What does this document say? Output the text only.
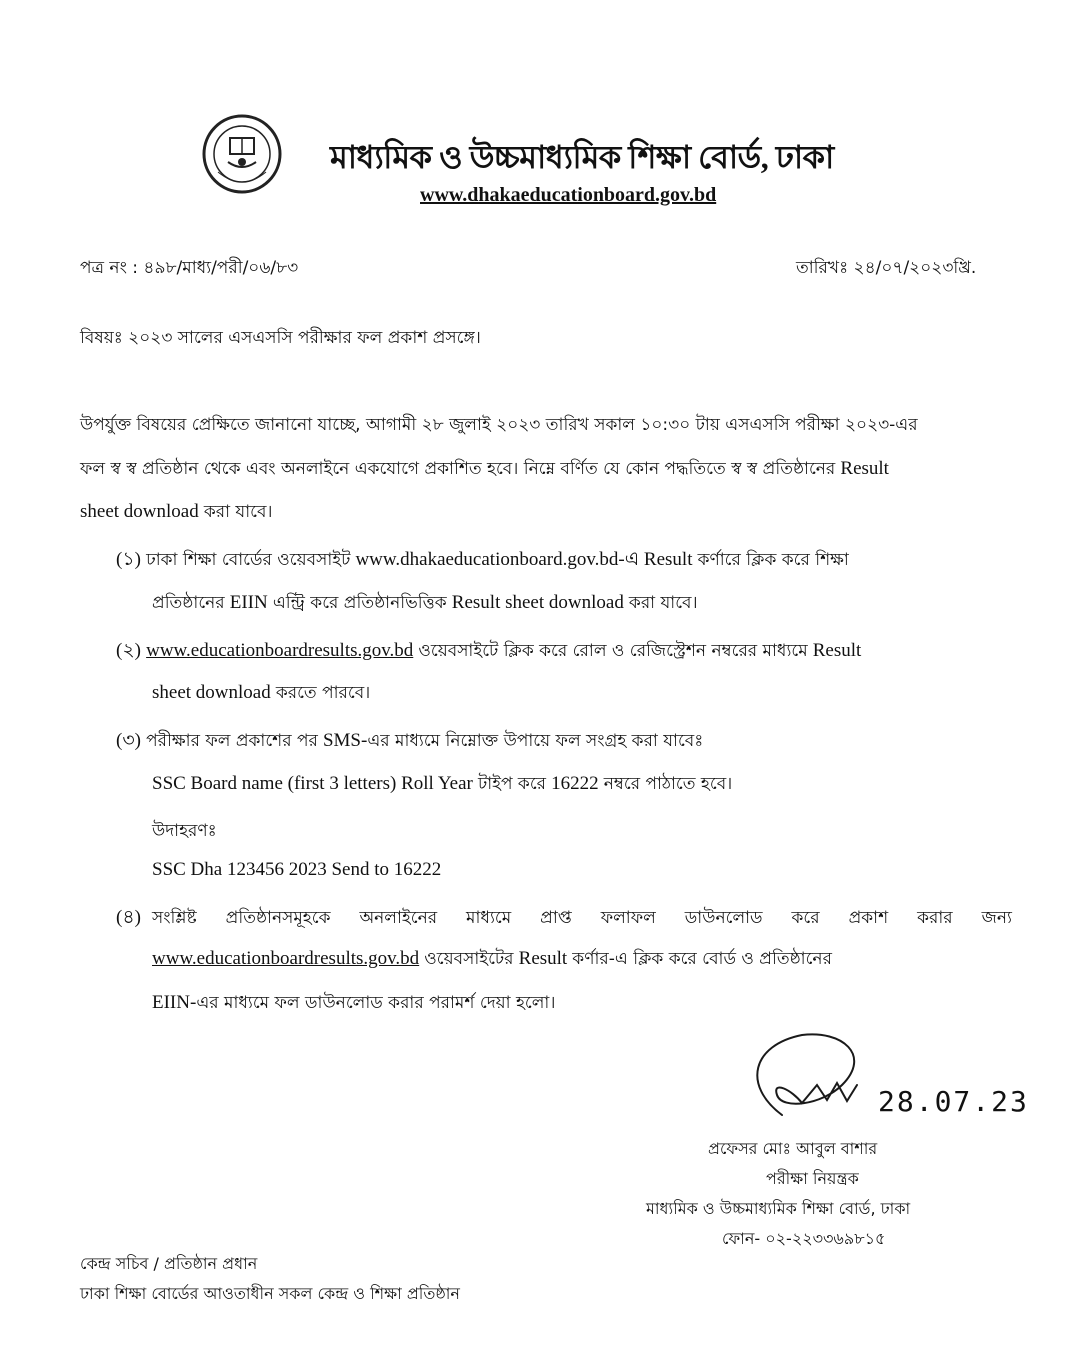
মাধ্যমিক ও উচ্চমাধ্যমিক শিক্ষা বোর্ড, ঢাকা
www.dhakaeducationboard.gov.bd
পত্র নং : ৪৯৮/মাধ্য/পরী/০৬/৮৩	তারিখঃ ২৪/০৭/২০২৩খ্রি.
বিষয়ঃ ২০২৩ সালের এসএসসি পরীক্ষার ফল প্রকাশ প্রসঙ্গে।
উপর্যুক্ত বিষয়ের প্রেক্ষিতে জানানো যাচ্ছে, আগামী ২৮ জুলাই ২০২৩ তারিখ সকাল ১০:৩০ টায় এসএসসি পরীক্ষা ২০২৩-এর
ফল স্ব স্ব প্রতিষ্ঠান থেকে এবং অনলাইনে একযোগে প্রকাশিত হবে। নিম্নে বর্ণিত যে কোন পদ্ধতিতে স্ব স্ব প্রতিষ্ঠানের Result
sheet download করা যাবে।
(১) ঢাকা শিক্ষা বোর্ডের ওয়েবসাইট www.dhakaeducationboard.gov.bd-এ Result কর্ণারে ক্লিক করে শিক্ষা
প্রতিষ্ঠানের EIIN এন্ট্রি করে প্রতিষ্ঠানভিত্তিক Result sheet download করা যাবে।
(২) www.educationboardresults.gov.bd ওয়েবসাইটে ক্লিক করে রোল ও রেজিস্ট্রেশন নম্বরের মাধ্যমে Result
sheet download করতে পারবে।
(৩) পরীক্ষার ফল প্রকাশের পর SMS-এর মাধ্যমে নিম্নোক্ত উপায়ে ফল সংগ্রহ করা যাবেঃ
SSC Board name (first 3 letters) Roll Year টাইপ করে 16222 নম্বরে পাঠাতে হবে।
উদাহরণঃ
SSC Dha 123456 2023 Send to 16222
(৪) সংশ্লিষ্ট প্রতিষ্ঠানসমূহকে অনলাইনের মাধ্যমে প্রাপ্ত ফলাফল ডাউনলোড করে প্রকাশ করার জন্য
www.educationboardresults.gov.bd ওয়েবসাইটের Result কর্ণার-এ ক্লিক করে বোর্ড ও প্রতিষ্ঠানের
EIIN-এর মাধ্যমে ফল ডাউনলোড করার পরামর্শ দেয়া হলো।
28.07.23
প্রফেসর মোঃ আবুল বাশার
পরীক্ষা নিয়ন্ত্রক
মাধ্যমিক ও উচ্চমাধ্যমিক শিক্ষা বোর্ড, ঢাকা
ফোন- ০২-২২৩৩৬৯৮১৫
কেন্দ্র সচিব / প্রতিষ্ঠান প্রধান
ঢাকা শিক্ষা বোর্ডের আওতাধীন সকল কেন্দ্র ও শিক্ষা প্রতিষ্ঠান
